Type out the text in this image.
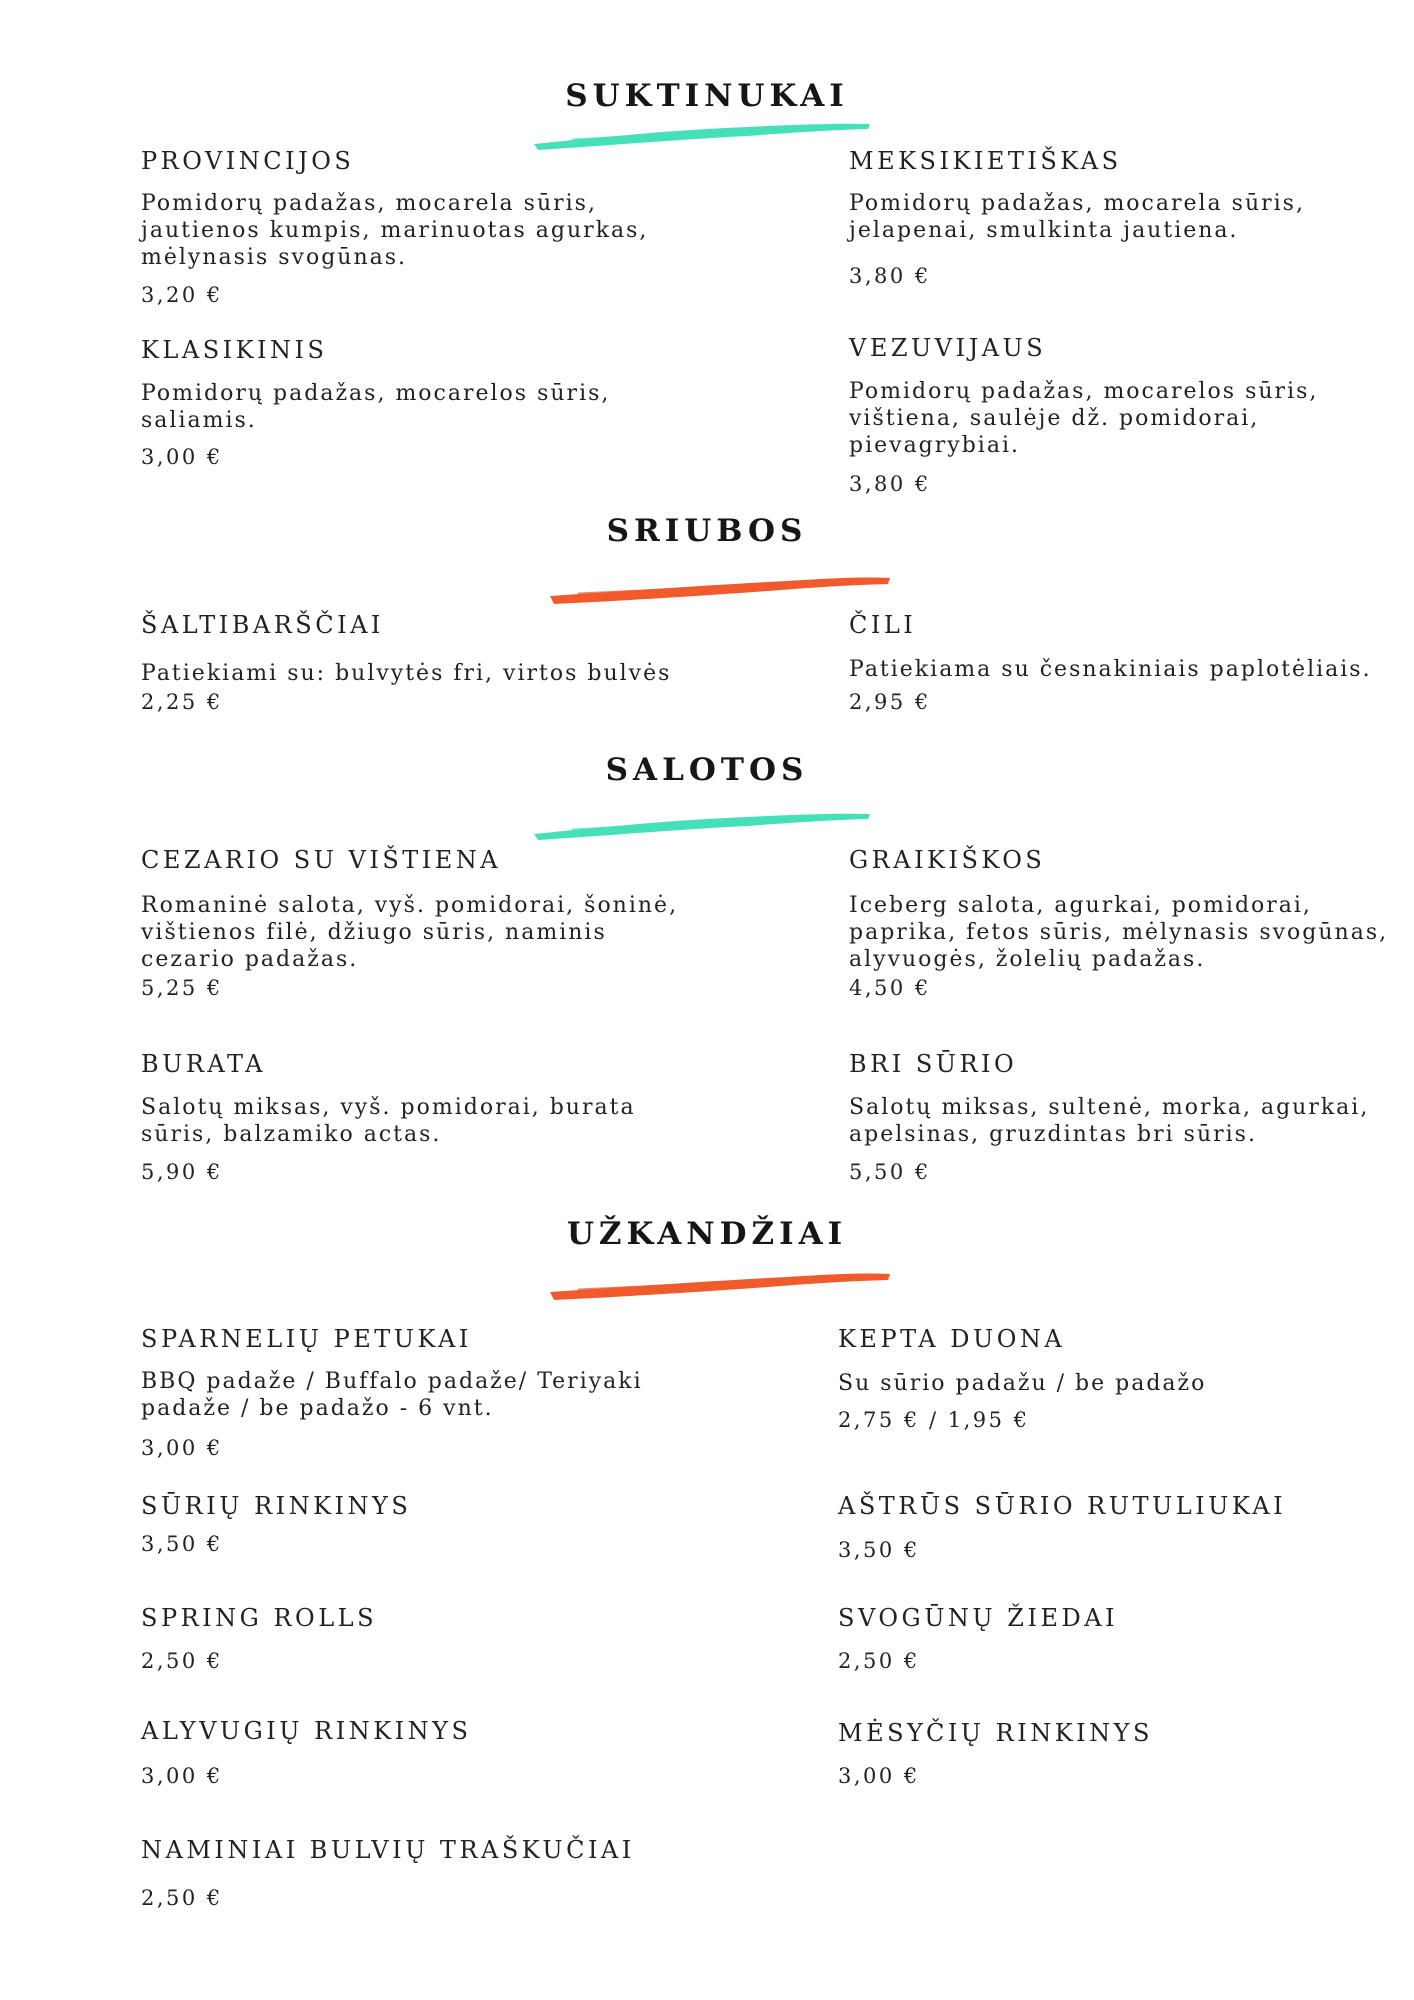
SUKTINUKAI
PROVINCIJOS
Pomidorų padažas, mocarela sūris, jautienos kumpis, marinuotas agurkas, mėlynasis svogūnas.
3,20 €
MEKSIKIETIŠKAS
Pomidorų padažas, mocarela sūris, jelapenai, smulkinta jautiena.
3,80 €
KLASIKINIS
Pomidorų padažas, mocarelos sūris, saliamis.
3,00 €
VEZUVIJAUS
Pomidorų padažas, mocarelos sūris, vištiena, saulėje dž. pomidorai, pievagrybiai.
3,80 €
SRIUBOS
ŠALTIBARŠČIAI
Patiekiami su: bulvytės fri, virtos bulvės
2,25 €
ČILI
Patiekiama su česnakiniais paplotėliais.
2,95 €
SALOTOS
CEZARIO SU VIŠTIENA
Romaninė salota, vyš. pomidorai, šoninė, vištienos filė, džiugo sūris, naminis cezario padažas.
5,25 €
GRAIKIŠKOS
Iceberg salota, agurkai, pomidorai, paprika, fetos sūris, mėlynasis svogūnas, alyvuogės, žolelių padažas.
4,50 €
BURATA
Salotų miksas, vyš. pomidorai, burata sūris, balzamiko actas.
5,90 €
BRI SŪRIO
Salotų miksas, sultenė, morka, agurkai, apelsinas, gruzdintas bri sūris.
5,50 €
UŽKANDŽIAI
SPARNELIŲ PETUKAI
BBQ padaže / Buffalo padaže/ Teriyaki padaže / be padažo - 6 vnt.
3,00 €
KEPTA DUONA
Su sūrio padažu / be padažo
2,75 € / 1,95 €
SŪRIŲ RINKINYS
3,50 €
AŠTRŪS SŪRIO RUTULIUKAI
3,50 €
SPRING ROLLS
2,50 €
SVOGŪNŲ ŽIEDAI
2,50 €
ALYVUGIŲ RINKINYS
3,00 €
MĖSYČIŲ RINKINYS
3,00 €
NAMINIAI BULVIŲ TRAŠKUČIAI
2,50 €
